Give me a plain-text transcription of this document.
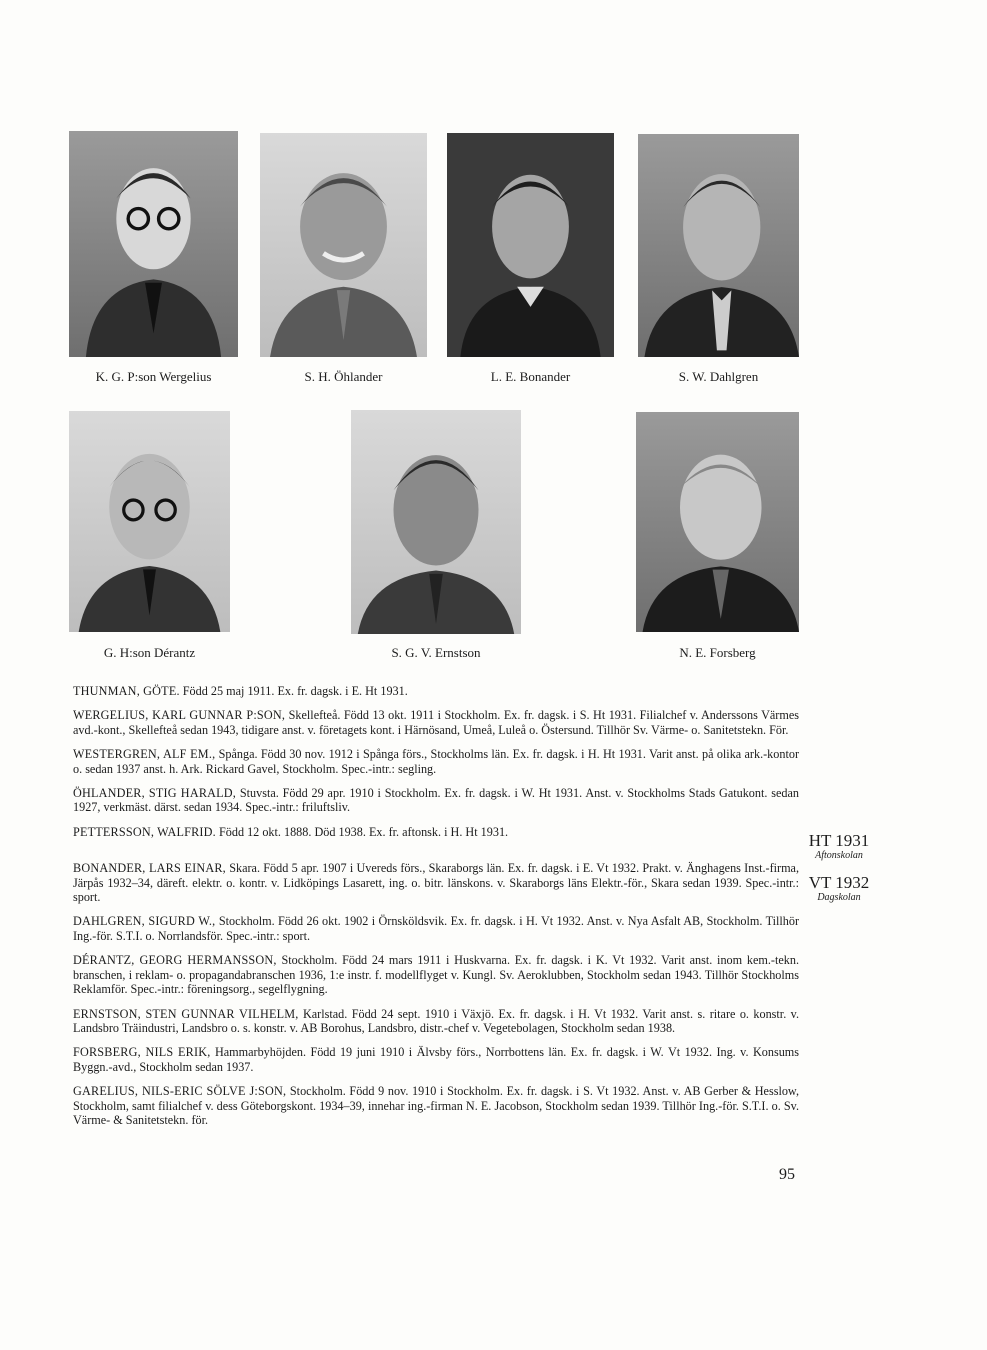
K. G. P:son Wergelius	S. H. Öhlander	L. E. Bonander	S. W. Dahlgren
G. H:son Dérantz	S. G. V. Ernstson	N. E. Forsberg

THUNMAN, GÖTE. Född 25 maj 1911. Ex. fr. dagsk. i E. Ht 1931.

WERGELIUS, KARL GUNNAR P:SON, Skellefteå. Född 13 okt. 1911 i Stockholm. Ex. fr. dagsk. i S. Ht 1931. Filialchef v. Anderssons Värmes avd.-kont., Skellefteå sedan 1943, tidigare anst. v. företagets kont. i Härnösand, Umeå, Luleå o. Östersund. Tillhör Sv. Värme- o. Sanitetstekn. För.

WESTERGREN, ALF EM., Spånga. Född 30 nov. 1912 i Spånga förs., Stockholms län. Ex. fr. dagsk. i H. Ht 1931. Varit anst. på olika ark.-kontor o. sedan 1937 anst. h. Ark. Rickard Gavel, Stockholm. Spec.-intr.: segling.

ÖHLANDER, STIG HARALD, Stuvsta. Född 29 apr. 1910 i Stockholm. Ex. fr. dagsk. i W. Ht 1931. Anst. v. Stockholms Stads Gatukont. sedan 1927, verkmäst. därst. sedan 1934. Spec.-intr.: friluftsliv.

PETTERSSON, WALFRID. Född 12 okt. 1888. Död 1938. Ex. fr. aftonsk. i H. Ht 1931.

BONANDER, LARS EINAR, Skara. Född 5 apr. 1907 i Uvereds förs., Skaraborgs län. Ex. fr. dagsk. i E. Vt 1932. Prakt. v. Änghagens Inst.-firma, Järpås 1932–34, däreft. elektr. o. kontr. v. Lidköpings Lasarett, ing. o. bitr. länskons. v. Skaraborgs läns Elektr.-för., Skara sedan 1939. Spec.-intr.: sport.

DAHLGREN, SIGURD W., Stockholm. Född 26 okt. 1902 i Örnsköldsvik. Ex. fr. dagsk. i H. Vt 1932. Anst. v. Nya Asfalt AB, Stockholm. Tillhör Ing.-för. S.T.I. o. Norrlandsför. Spec.-intr.: sport.

DÉRANTZ, GEORG HERMANSSON, Stockholm. Född 24 mars 1911 i Huskvarna. Ex. fr. dagsk. i K. Vt 1932. Varit anst. inom kem.-tekn. branschen, i reklam- o. propagandabranschen 1936, 1:e instr. f. modellflyget v. Kungl. Sv. Aeroklubben, Stockholm sedan 1943. Tillhör Stockholms Reklamför. Spec.-intr.: föreningsorg., segelflygning.

ERNSTSON, STEN GUNNAR VILHELM, Karlstad. Född 24 sept. 1910 i Växjö. Ex. fr. dagsk. i H. Vt 1932. Varit anst. s. ritare o. konstr. v. Landsbro Träindustri, Landsbro o. s. konstr. v. AB Borohus, Landsbro, distr.-chef v. Vegetebolagen, Stockholm sedan 1938.

FORSBERG, NILS ERIK, Hammarbyhöjden. Född 19 juni 1910 i Älvsby förs., Norrbottens län. Ex. fr. dagsk. i W. Vt 1932. Ing. v. Konsums Byggn.-avd., Stockholm sedan 1937.

GARELIUS, NILS-ERIC SÖLVE J:SON, Stockholm. Född 9 nov. 1910 i Stockholm. Ex. fr. dagsk. i S. Vt 1932. Anst. v. AB Gerber & Hesslow, Stockholm, samt filialchef v. dess Göteborgskont. 1934–39, innehar ing.-firman N. E. Jacobson, Stockholm sedan 1939. Tillhör Ing.-för. S.T.I. o. Sv. Värme- & Sanitetstekn. för.

HT 1931
Aftonskolan
VT 1932
Dagskolan
95
